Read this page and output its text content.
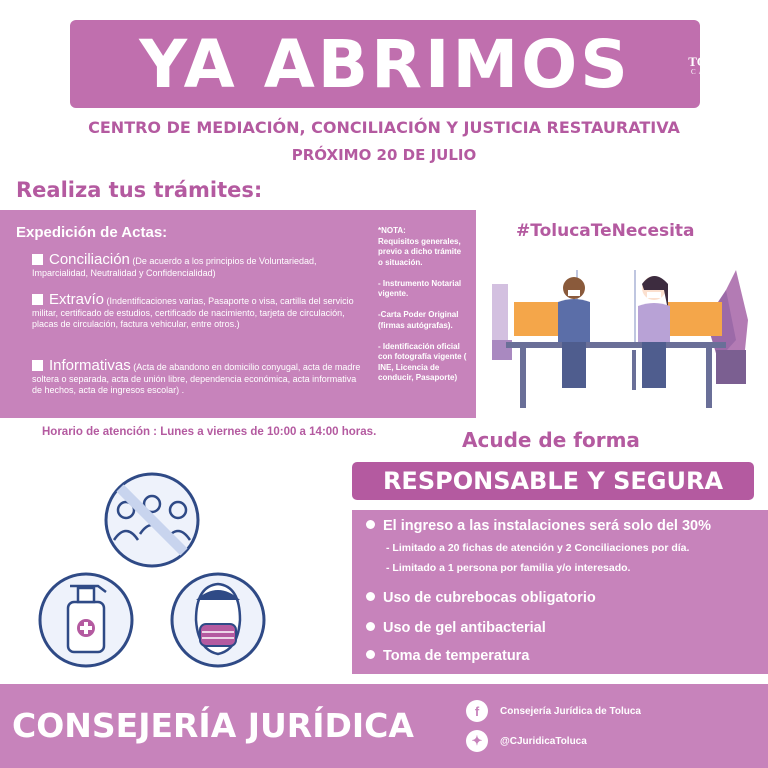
YA ABRIMOS
CENTRO DE MEDIACIÓN, CONCILIACIÓN Y JUSTICIA RESTAURATIVA
PRÓXIMO 20 DE JULIO
Realiza tus trámites:
Expedición de Actas:
Conciliación (De acuerdo a los principios de Voluntariedad, Imparcialidad, Neutralidad y Confidencialidad)
Extravío (Indentificaciones varias, Pasaporte o visa, cartilla del servicio militar, certificado de estudios, certificado de nacimiento, tarjeta de circulación, placas de circulación, factura vehicular, entre otros.)
Informativas (Acta de abandono en domicilio conyugal, acta de madre soltera o separada, acta de unión libre, dependencia económica, acta informativa de hechos, acta de ingresos escolar) .
*NOTA:
Requisitos generales, previo a dicho trámite o situación.

- Instrumento Notarial vigente.

-Carta Poder Original (firmas autógrafas).

- Identificación oficial con fotografía vigente ( INE, Licencia de conducir, Pasaporte)
Horario de atención : Lunes a viernes de 10:00 a 14:00 horas.
#TolucaTeNecesita
Acude de forma
RESPONSABLE Y SEGURA
El ingreso a las instalaciones será solo del 30%
- Limitado a 20 fichas de atención y 2 Conciliaciones por día.
- Limitado a 1 persona por familia y/o interesado.
Uso de cubrebocas obligatorio
Uso de gel antibacterial
Toma de temperatura
CONSEJERÍA JURÍDICA	f	Consejería Jurídica de Toluca
✦	@CJuridicaToluca
TOLUCA
CAPITAL
